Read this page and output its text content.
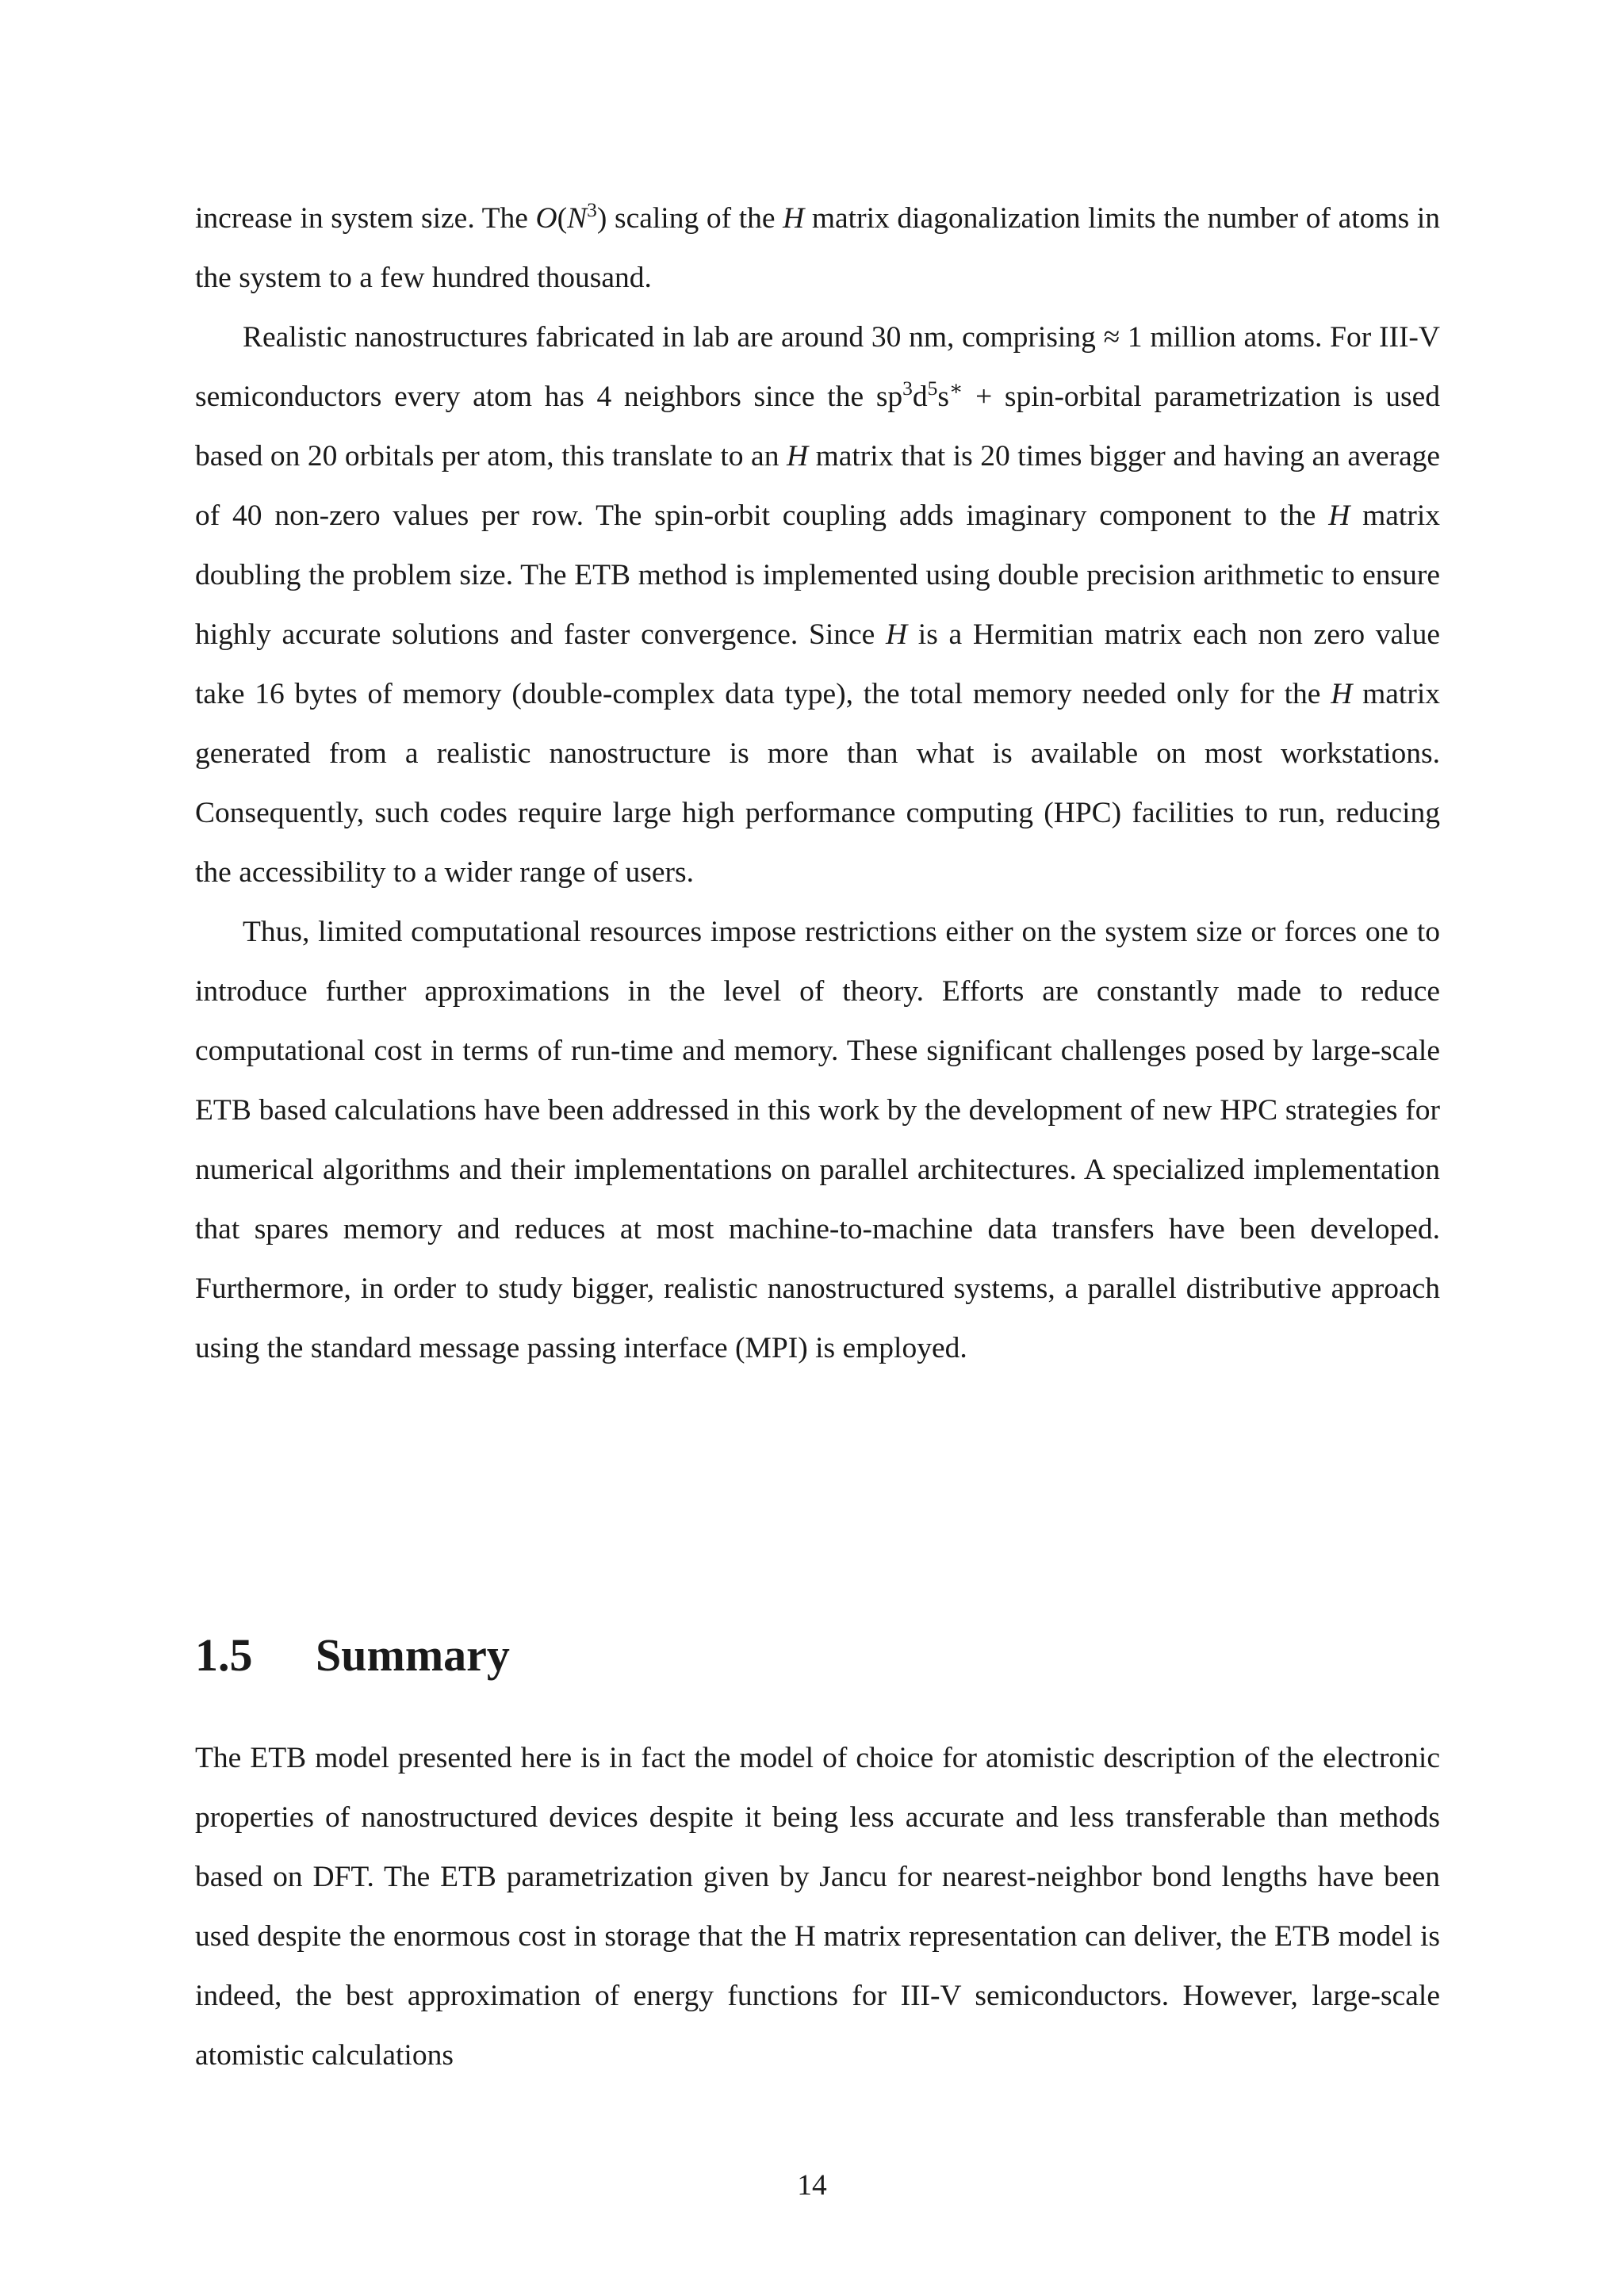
increase in system size. The $O(N^3)$ scaling of the H matrix diagonalization limits the number of atoms in the system to a few hundred thousand.

Realistic nanostructures fabricated in lab are around 30 nm, comprising ≈ 1 million atoms. For III-V semiconductors every atom has 4 neighbors since the $sp^3d^5s^∗$ + spin-orbital parametrization is used based on 20 orbitals per atom, this translate to an H matrix that is 20 times bigger and having an average of 40 non-zero values per row. The spin-orbit coupling adds imaginary component to the H matrix doubling the problem size. The ETB method is implemented using double precision arithmetic to ensure highly accurate solutions and faster convergence. Since H is a Hermitian matrix each non zero value take 16 bytes of memory (double-complex data type), the total memory needed only for the H matrix generated from a realistic nanostructure is more than what is available on most workstations. Consequently, such codes require large high performance computing (HPC) facilities to run, reducing the accessibility to a wider range of users.

Thus, limited computational resources impose restrictions either on the system size or forces one to introduce further approximations in the level of theory. Efforts are constantly made to reduce computational cost in terms of run-time and memory. These significant challenges posed by large-scale ETB based calculations have been addressed in this work by the development of new HPC strategies for numerical algorithms and their implementations on parallel architectures. A specialized implementation that spares memory and reduces at most machine-to-machine data transfers have been developed. Furthermore, in order to study bigger, realistic nanostructured systems, a parallel distributive approach using the standard message passing interface (MPI) is employed.

1.5 Summary

The ETB model presented here is in fact the model of choice for atomistic description of the electronic properties of nanostructured devices despite it being less accurate and less transferable than methods based on DFT. The ETB parametrization given by Jancu for nearest-neighbor bond lengths have been used despite the enormous cost in storage that the H matrix representation can deliver, the ETB model is indeed, the best approximation of energy functions for III-V semiconductors. However, large-scale atomistic calculations

14
